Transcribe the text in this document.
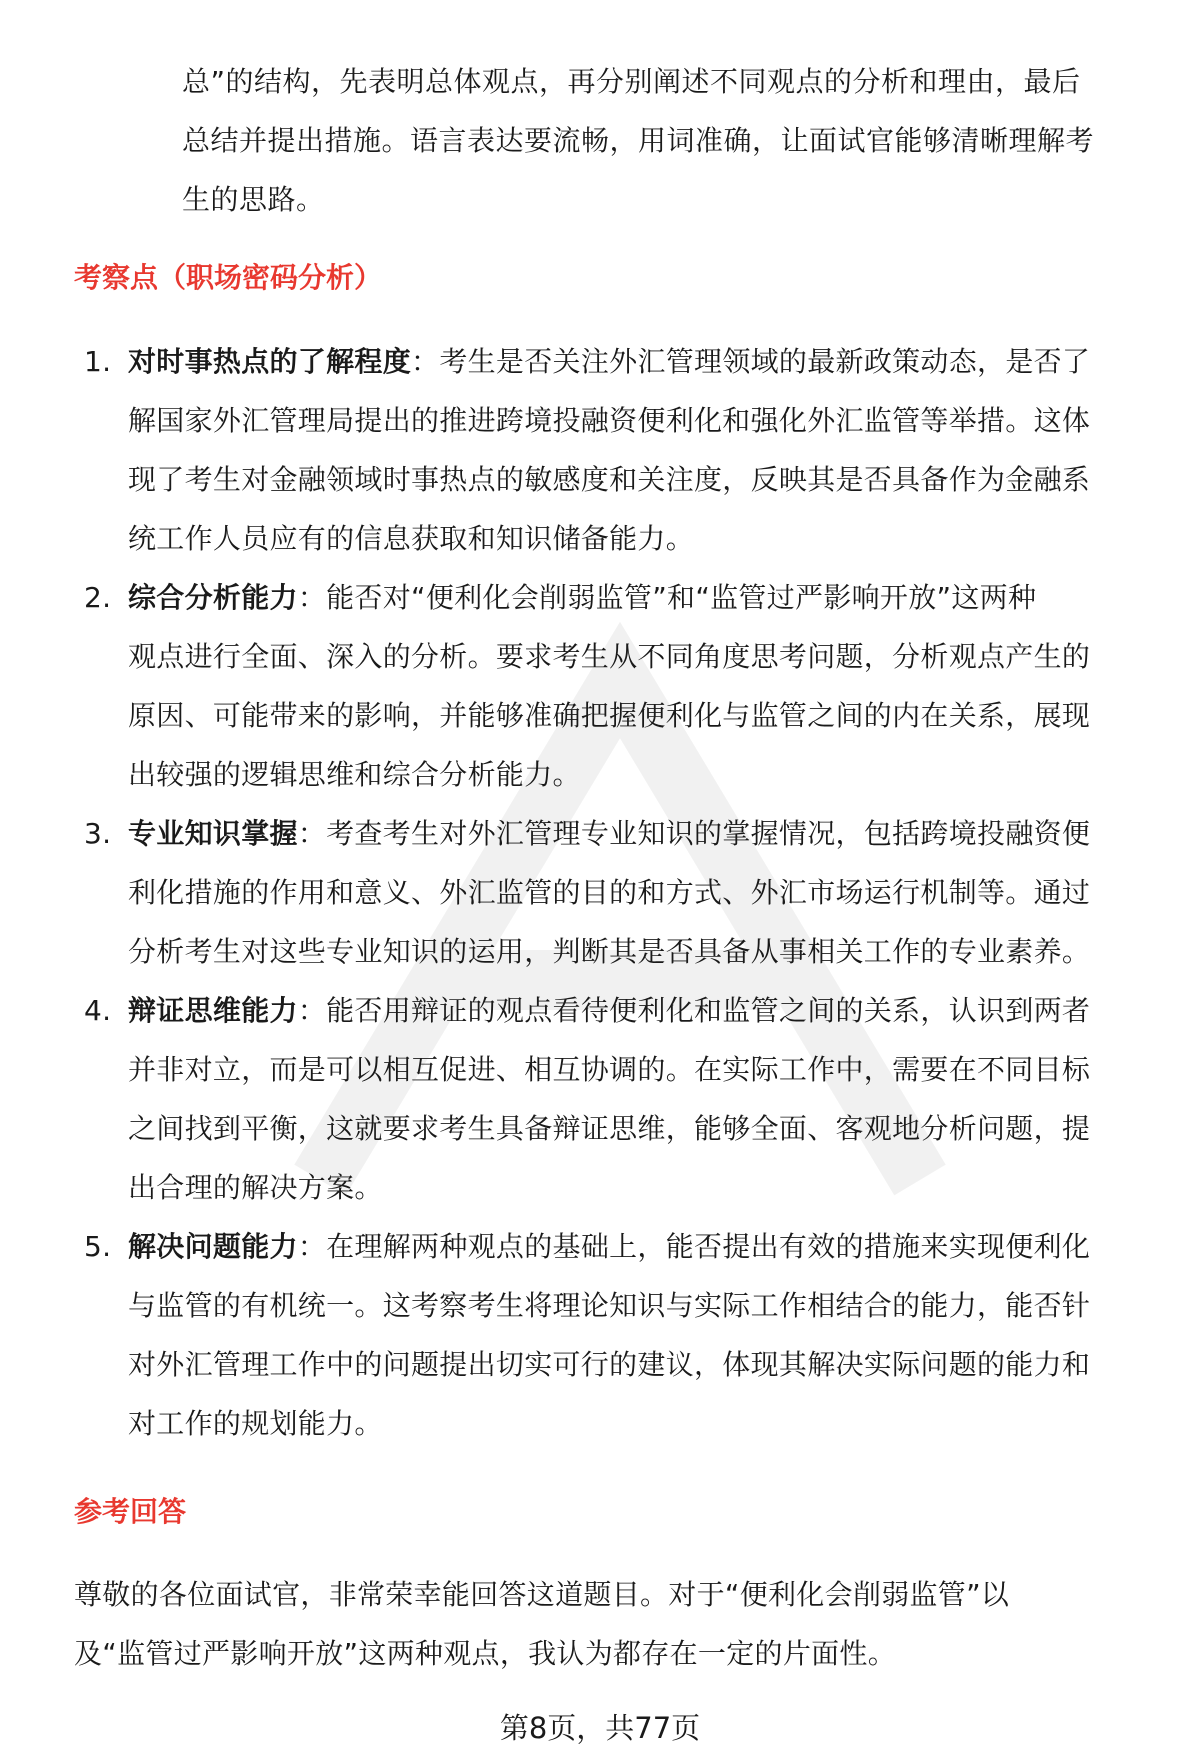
总”的结构，先表明总体观点，再分别阐述不同观点的分析和理由，最后
总结并提出措施。语言表达要流畅，用词准确，让面试官能够清晰理解考
生的思路。
考察点（职场密码分析）
1. 对时事热点的了解程度：考生是否关注外汇管理领域的最新政策动态，是否了
解国家外汇管理局提出的推进跨境投融资便利化和强化外汇监管等举措。这体
现了考生对金融领域时事热点的敏感度和关注度，反映其是否具备作为金融系
统工作人员应有的信息获取和知识储备能力。
2. 综合分析能力：能否对“便利化会削弱监管”和“监管过严影响开放”这两种
观点进行全面、深入的分析。要求考生从不同角度思考问题，分析观点产生的
原因、可能带来的影响，并能够准确把握便利化与监管之间的内在关系，展现
出较强的逻辑思维和综合分析能力。
3. 专业知识掌握：考查考生对外汇管理专业知识的掌握情况，包括跨境投融资便
利化措施的作用和意义、外汇监管的目的和方式、外汇市场运行机制等。通过
分析考生对这些专业知识的运用，判断其是否具备从事相关工作的专业素养。
4. 辩证思维能力：能否用辩证的观点看待便利化和监管之间的关系，认识到两者
并非对立，而是可以相互促进、相互协调的。在实际工作中，需要在不同目标
之间找到平衡，这就要求考生具备辩证思维，能够全面、客观地分析问题，提
出合理的解决方案。
5. 解决问题能力：在理解两种观点的基础上，能否提出有效的措施来实现便利化
与监管的有机统一。这考察考生将理论知识与实际工作相结合的能力，能否针
对外汇管理工作中的问题提出切实可行的建议，体现其解决实际问题的能力和
对工作的规划能力。
参考回答
尊敬的各位面试官，非常荣幸能回答这道题目。对于“便利化会削弱监管”以
及“监管过严影响开放”这两种观点，我认为都存在一定的片面性。
第8页，共77页
